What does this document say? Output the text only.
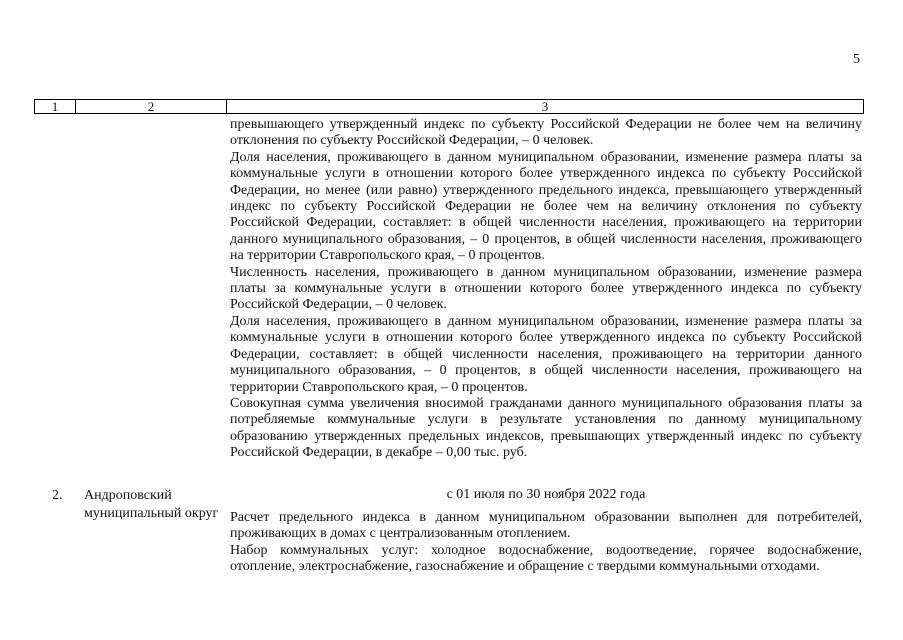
5
1	2	3

превышающего утвержденный индекс по субъекту Российской Федерации не более чем на величину отклонения по субъекту Российской Федерации, – 0 человек.

Доля населения, проживающего в данном муниципальном образовании, изменение размера платы за коммунальные услуги в отношении которого более утвержденного индекса по субъекту Российской Федерации, но менее (или равно) утвержденного предельного индекса, превышающего утвержденный индекс по субъекту Российской Федерации не более чем на величину отклонения по субъекту Российской Федерации, составляет: в общей численности населения, проживающего на территории данного муниципального образования, – 0 процентов, в общей численности населения, проживающего на территории Ставропольского края, – 0 процентов.

Численность населения, проживающего в данном муниципальном образовании, изменение размера платы за коммунальные услуги в отношении которого более утвержденного индекса по субъекту Российской Федерации, – 0 человек.

Доля населения, проживающего в данном муниципальном образовании, изменение размера платы за коммунальные услуги в отношении которого более утвержденного индекса по субъекту Российской Федерации, составляет: в общей численности населения, проживающего на территории данного муниципального образования, – 0 процентов, в общей численности населения, проживающего на территории Ставропольского края, – 0 процентов.

Совокупная сумма увеличения вносимой гражданами данного муниципального образования платы за потребляемые коммунальные услуги в результате установления по данному муниципальному образованию утвержденных предельных индексов, превышающих утвержденный индекс по субъекту Российской Федерации, в декабре – 0,00 тыс. руб.

2. Андроповский муниципальный округ
с 01 июля по 30 ноября 2022 года

Расчет предельного индекса в данном муниципальном образовании выполнен для потребителей, проживающих в домах с централизованным отоплением.

Набор коммунальных услуг: холодное водоснабжение, водоотведение, горячее водоснабжение, отопление, электроснабжение, газоснабжение и обращение с твердыми коммунальными отходами.
